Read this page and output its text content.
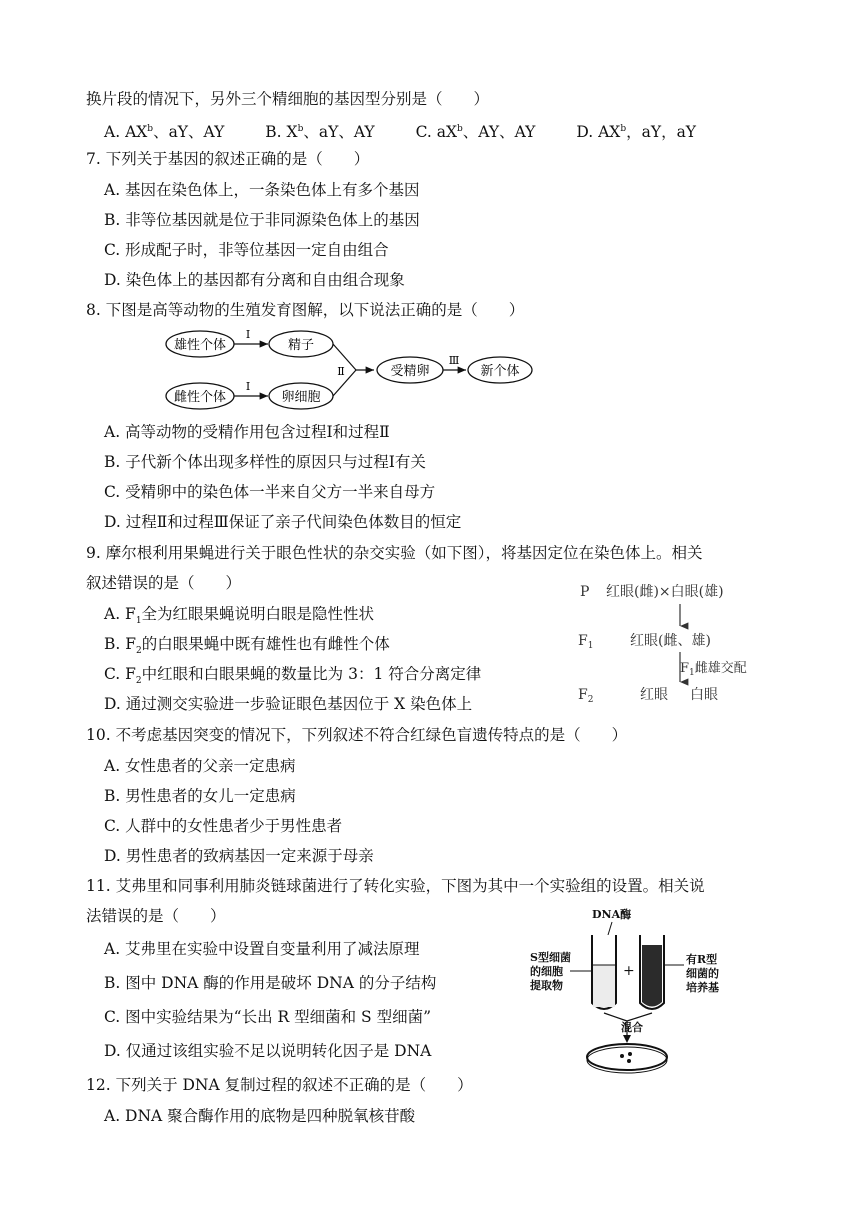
换片段的情况下，另外三个精细胞的基因型分别是（　　）
A. $AX^b$、aY、AY	B. $X^b$、aY、AY	C. $aX^b$、AY、AY	D. $AX^b$，aY，aY
7. 下列关于基因的叙述正确的是（　　）
A. 基因在染色体上，一条染色体上有多个基因
B. 非等位基因就是位于非同源染色体上的基因
C. 形成配子时，非等位基因一定自由组合
D. 染色体上的基因都有分离和自由组合现象
8. 下图是高等动物的生殖发育图解，以下说法正确的是（　　）
雄性个体
I
精子
雌性个体
I
卵细胞
Ⅱ	受精卵
Ⅲ
新个体
A. 高等动物的受精作用包含过程Ⅰ和过程Ⅱ
B. 子代新个体出现多样性的原因只与过程Ⅰ有关
C. 受精卵中的染色体一半来自父方一半来自母方
D. 过程Ⅱ和过程Ⅲ保证了亲子代间染色体数目的恒定
9. 摩尔根利用果蝇进行关于眼色性状的杂交实验（如下图），将基因定位在染色体上。相关
叙述错误的是（　　）
A. $F_1$全为红眼果蝇说明白眼是隐性性状
B. $F_2$的白眼果蝇中既有雄性也有雌性个体
C. $F_2$中红眼和白眼果蝇的数量比为 3：1 符合分离定律
D. 通过测交实验进一步验证眼色基因位于 X 染色体上
P 红眼(雌)×白眼(雄)
$F_1$	红眼(雌、雄)
$F_1$雌雄交配
$F_2$	红眼 白眼
10. 不考虑基因突变的情况下，下列叙述不符合红绿色盲遗传特点的是（　　）
A. 女性患者的父亲一定患病
B. 男性患者的女儿一定患病
C. 人群中的女性患者少于男性患者
D. 男性患者的致病基因一定来源于母亲
11. 艾弗里和同事利用肺炎链球菌进行了转化实验，下图为其中一个实验组的设置。相关说
法错误的是（　　）
A. 艾弗里在实验中设置自变量利用了减法原理
B. 图中 DNA 酶的作用是破坏 DNA 的分子结构
C. 图中实验结果为“长出 R 型细菌和 S 型细菌”
D. 仅通过该组实验不足以说明转化因子是 DNA
DNA酶
S型细菌
的细胞
提取物
有R型
细菌的
培养基
混合
+
12. 下列关于 DNA 复制过程的叙述不正确的是（　　）
A. DNA 聚合酶作用的底物是四种脱氧核苷酸
